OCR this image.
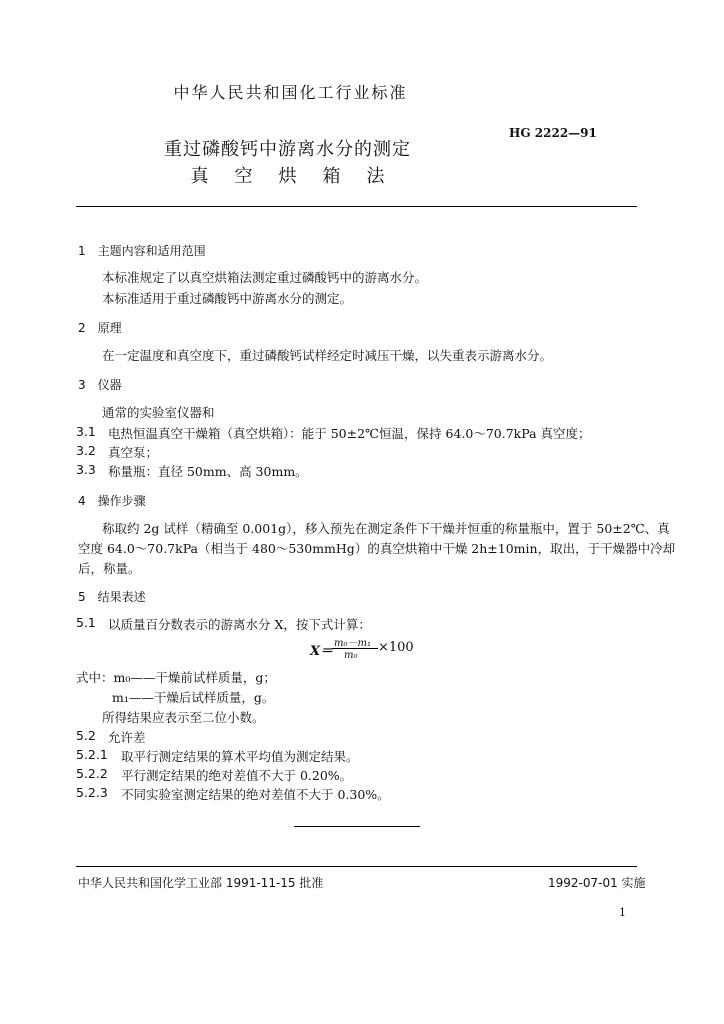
中华人民共和国化工行业标准
重过磷酸钙中游离水分的测定
真空烘箱法
HG 2222—91
1　主题内容和适用范围
本标准规定了以真空烘箱法测定重过磷酸钙中的游离水分。
本标准适用于重过磷酸钙中游离水分的测定。
2　原理
在一定温度和真空度下，重过磷酸钙试样经定时减压干燥，以失重表示游离水分。
3　仪器
通常的实验室仪器和
3.1 电热恒温真空干燥箱（真空烘箱）：能于 50±2℃恒温，保持 64.0～70.7kPa 真空度；
3.2 真空泵；
3.3 称量瓶：直径 50mm、高 30mm。
4　操作步骤
称取约 2g 试样（精确至 0.001g），移入预先在测定条件下干燥并恒重的称量瓶中，置于 50±2℃、真
空度 64.0～70.7kPa（相当于 480～530mmHg）的真空烘箱中干燥 2h±10min，取出，于干燥器中冷却
后，称量。
5　结果表述
5.1 以质量百分数表示的游离水分 X，按下式计算：
X＝
m₀－m₁
m₀
×100
式中：m₀——干燥前试样质量，g；
m₁——干燥后试样质量，g。
所得结果应表示至二位小数。
5.2 允许差
5.2.1 取平行测定结果的算术平均值为测定结果。
5.2.2 平行测定结果的绝对差值不大于 0.20%。
5.2.3 不同实验室测定结果的绝对差值不大于 0.30%。
中华人民共和国化学工业部 1991-11-15 批准	1992-07-01 实施
1
